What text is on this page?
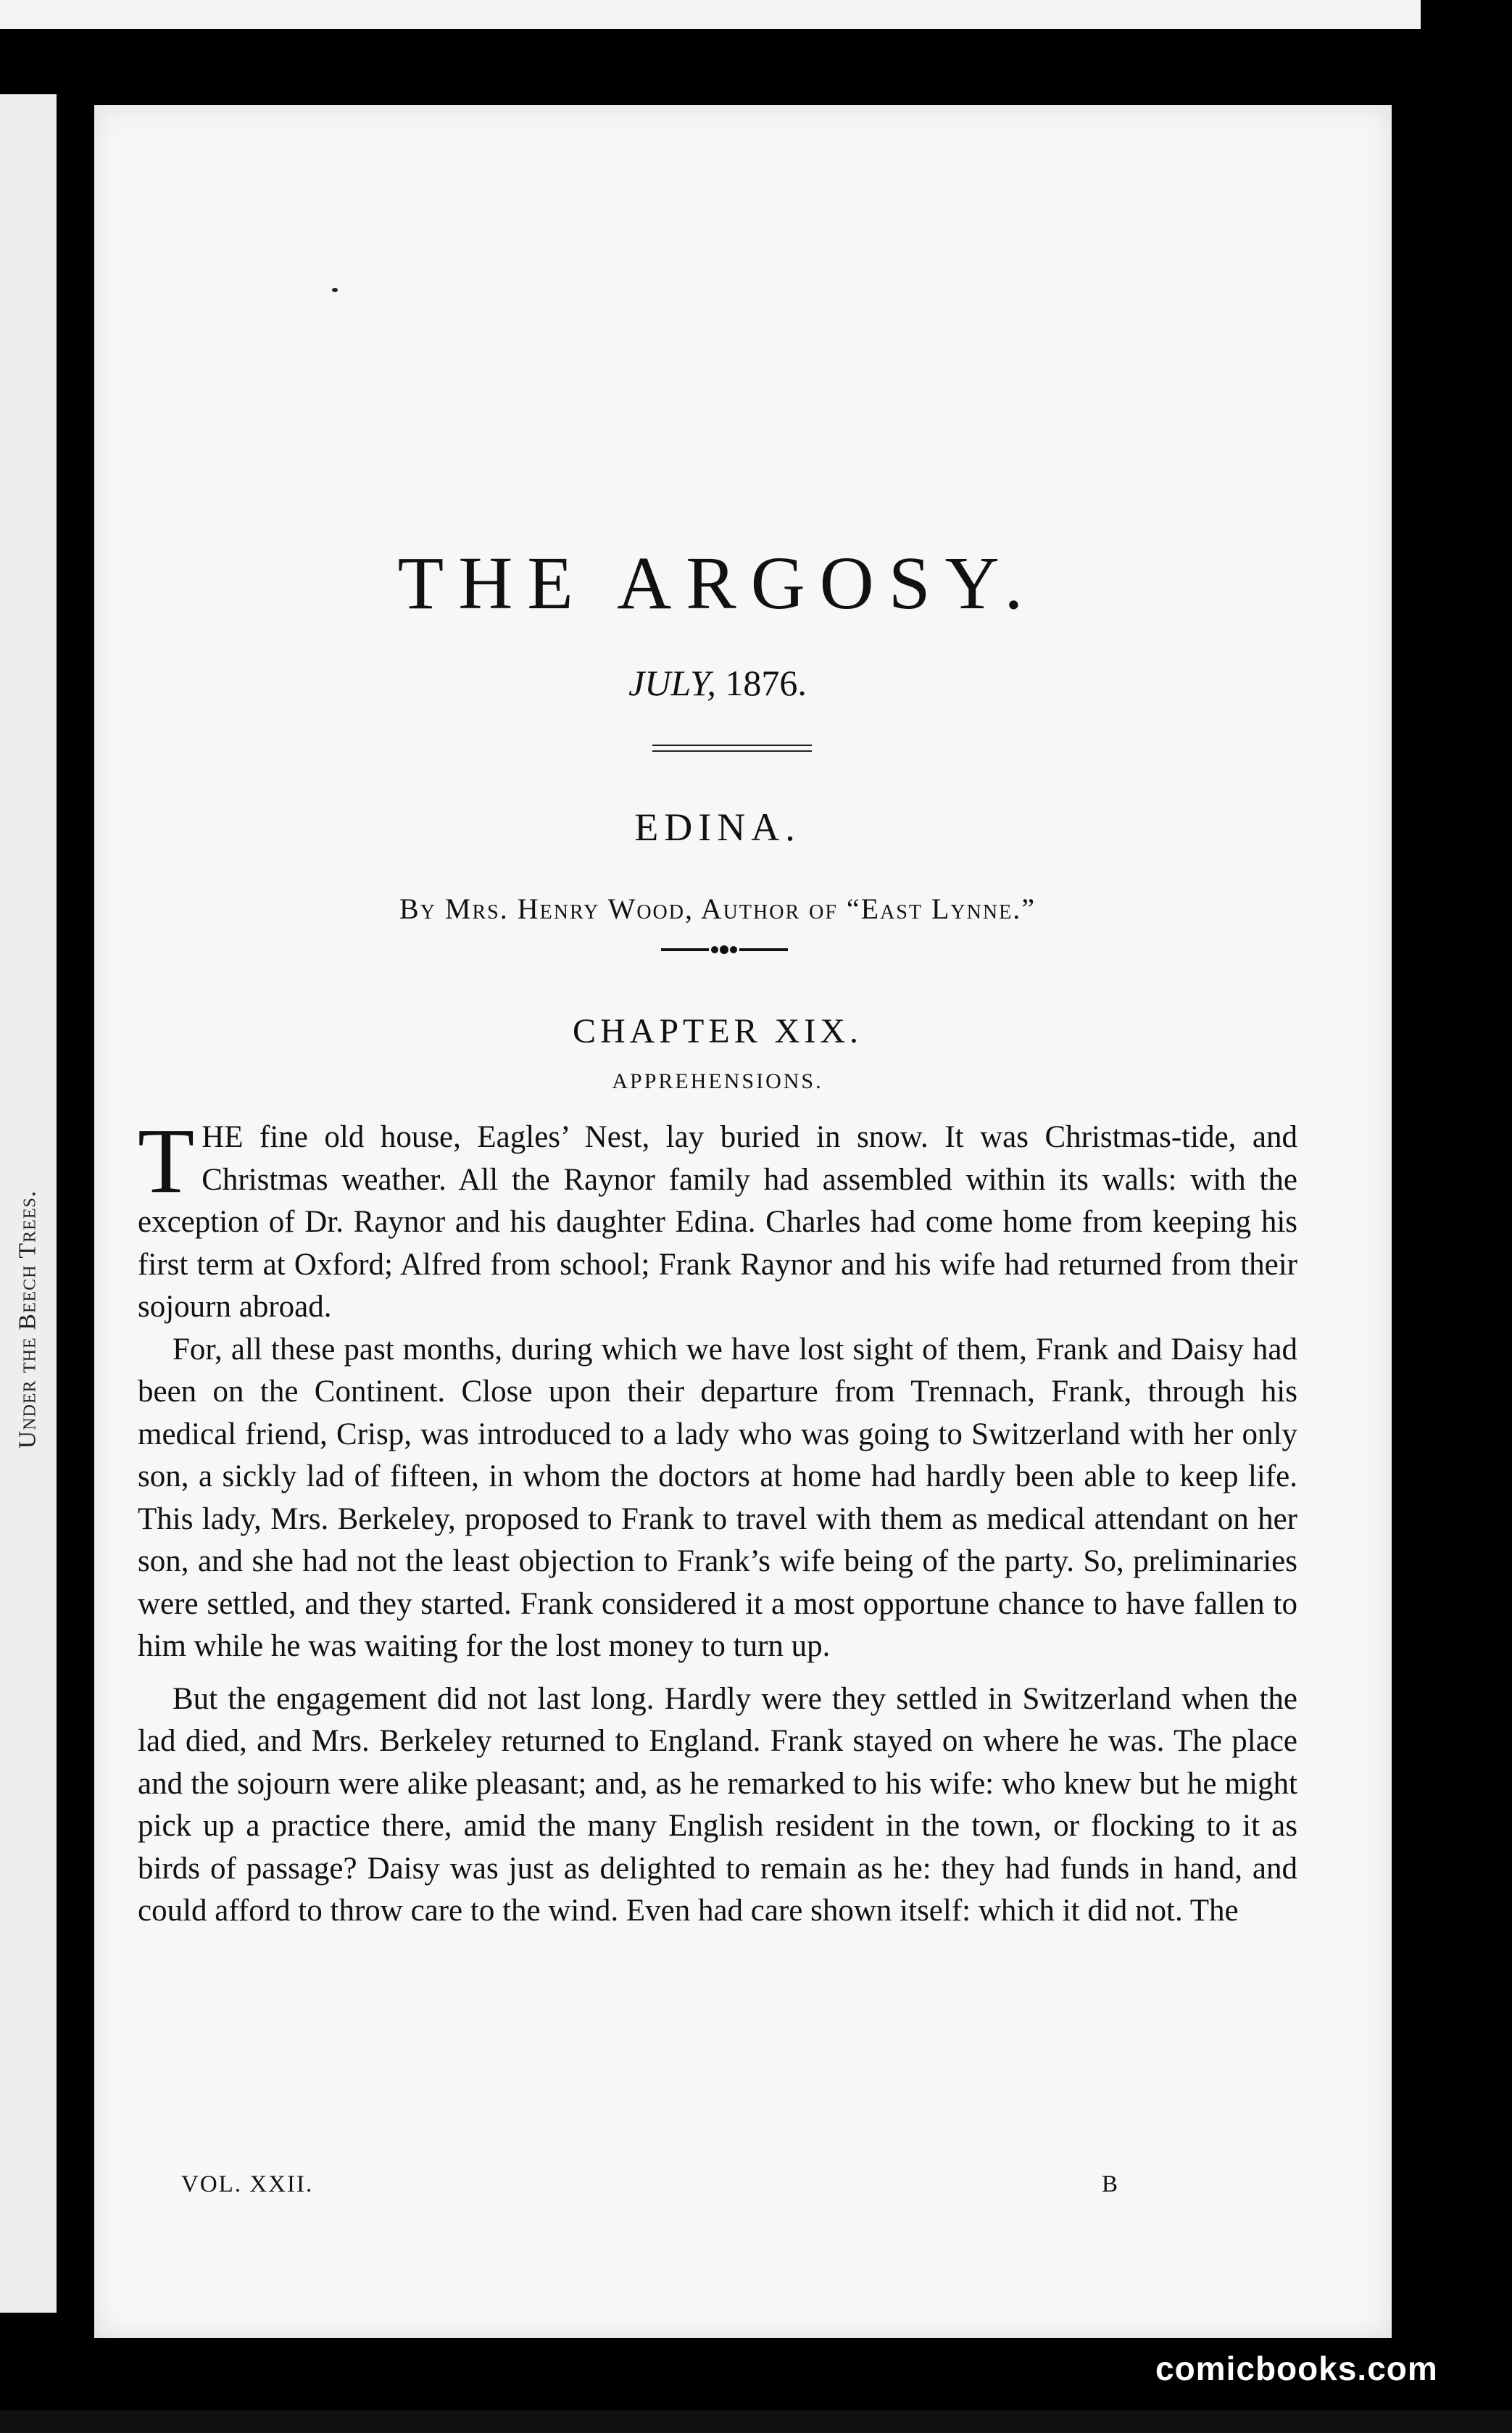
Under the Beech Trees.
THE ARGOSY.

JULY, 1876.

EDINA.

By Mrs. Henry Wood, Author of “East Lynne.”

CHAPTER XIX.

APPREHENSIONS.

T HE fine old house, Eagles’ Nest, lay buried in snow. It was Christmas-tide, and Christmas weather. All the Raynor family had assembled within its walls: with the exception of Dr. Raynor and his daughter Edina. Charles had come home from keeping his first term at Oxford; Alfred from school; Frank Raynor and his wife had returned from their sojourn abroad.

For, all these past months, during which we have lost sight of them, Frank and Daisy had been on the Continent. Close upon their departure from Trennach, Frank, through his medical friend, Crisp, was introduced to a lady who was going to Switzerland with her only son, a sickly lad of fifteen, in whom the doctors at home had hardly been able to keep life. This lady, Mrs. Berkeley, proposed to Frank to travel with them as medical attendant on her son, and she had not the least objection to Frank’s wife being of the party. So, preliminaries were settled, and they started. Frank considered it a most opportune chance to have fallen to him while he was waiting for the lost money to turn up.

But the engagement did not last long. Hardly were they settled in Switzerland when the lad died, and Mrs. Berkeley returned to England. Frank stayed on where he was. The place and the sojourn were alike pleasant; and, as he remarked to his wife: who knew but he might pick up a practice there, amid the many English resident in the town, or flocking to it as birds of passage? Daisy was just as delighted to remain as he: they had funds in hand, and could afford to throw care to the wind. Even had care shown itself: which it did not. The

VOL. XXII.	B
comicbooks.com
